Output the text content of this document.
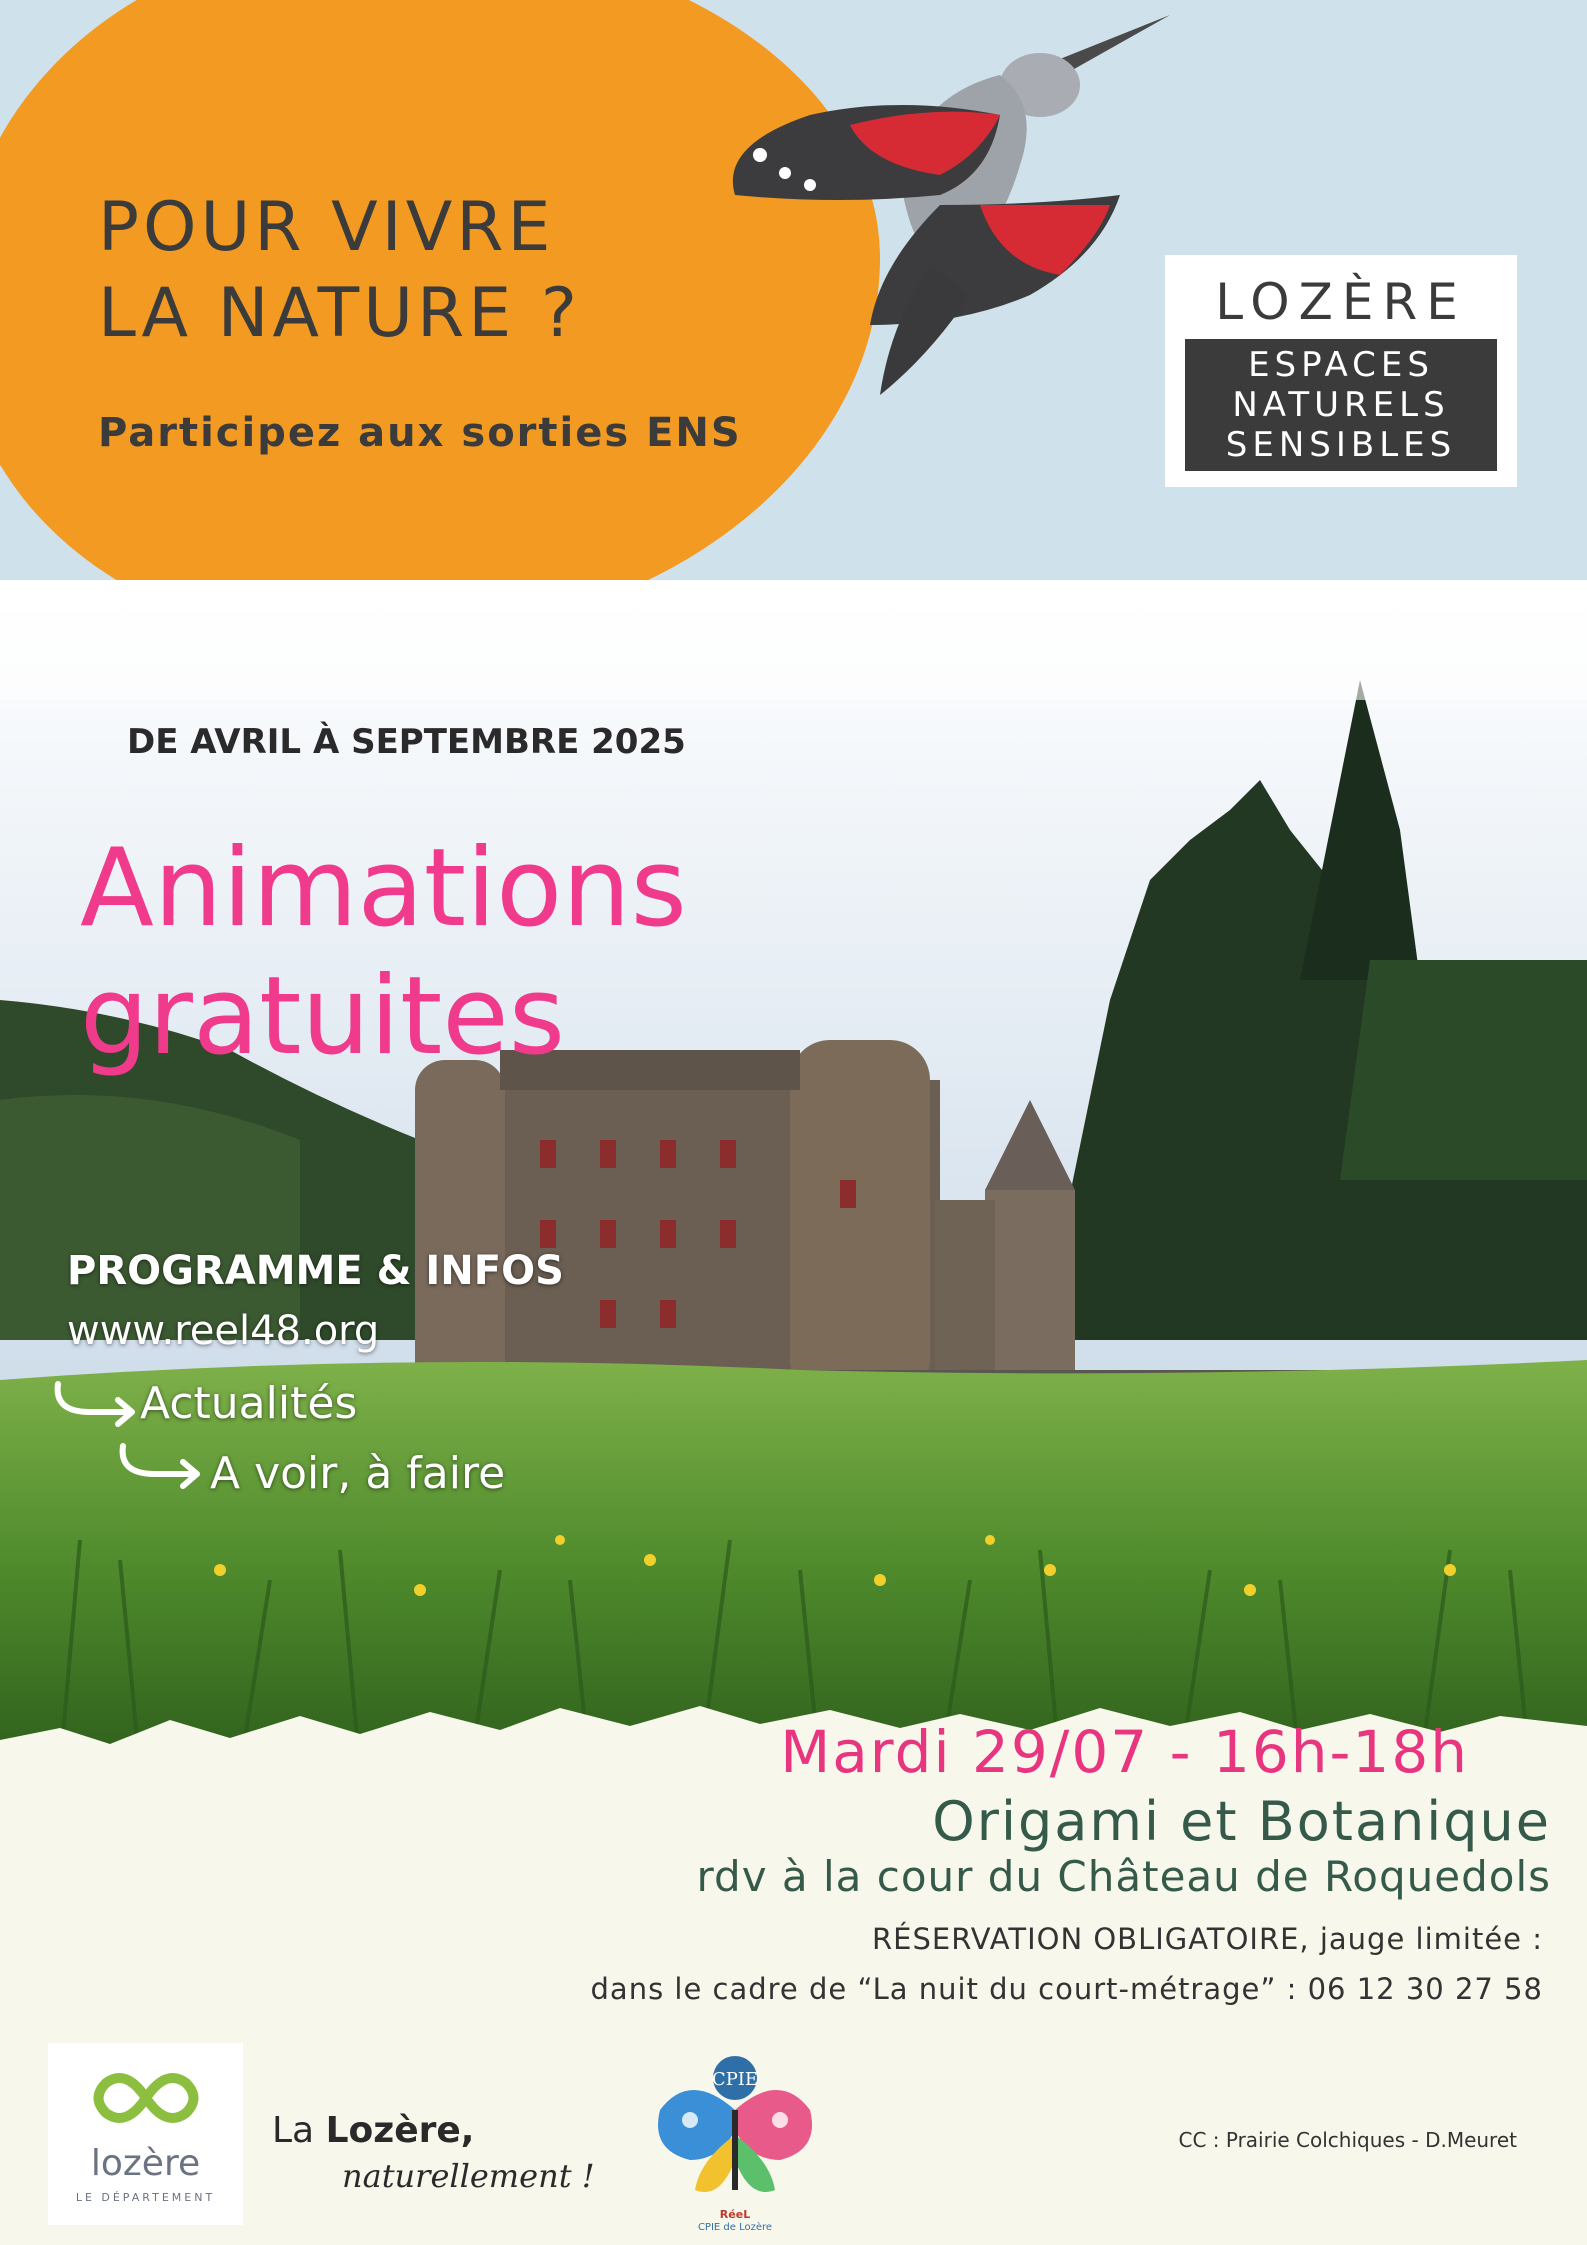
POUR VIVRE
LA NATURE ?
Participez aux sorties ENS
LOZÈRE
ESPACES
NATURELS
SENSIBLES
DE AVRIL À SEPTEMBRE 2025
Animations
gratuites
PROGRAMME & INFOS
www.reel48.org
Actualités
A voir, à faire
Mardi 29/07 - 16h-18h
Origami et Botanique
rdv à la cour du Château de Roquedols
RÉSERVATION OBLIGATOIRE, jauge limitée :
dans le cadre de “La nuit du court-métrage” : 06 12 30 27 58
lozère
LE DÉPARTEMENT
La Lozère,
naturellement !
CPIE
RéeL
CPIE de Lozère
CC : Prairie Colchiques - D.Meuret
